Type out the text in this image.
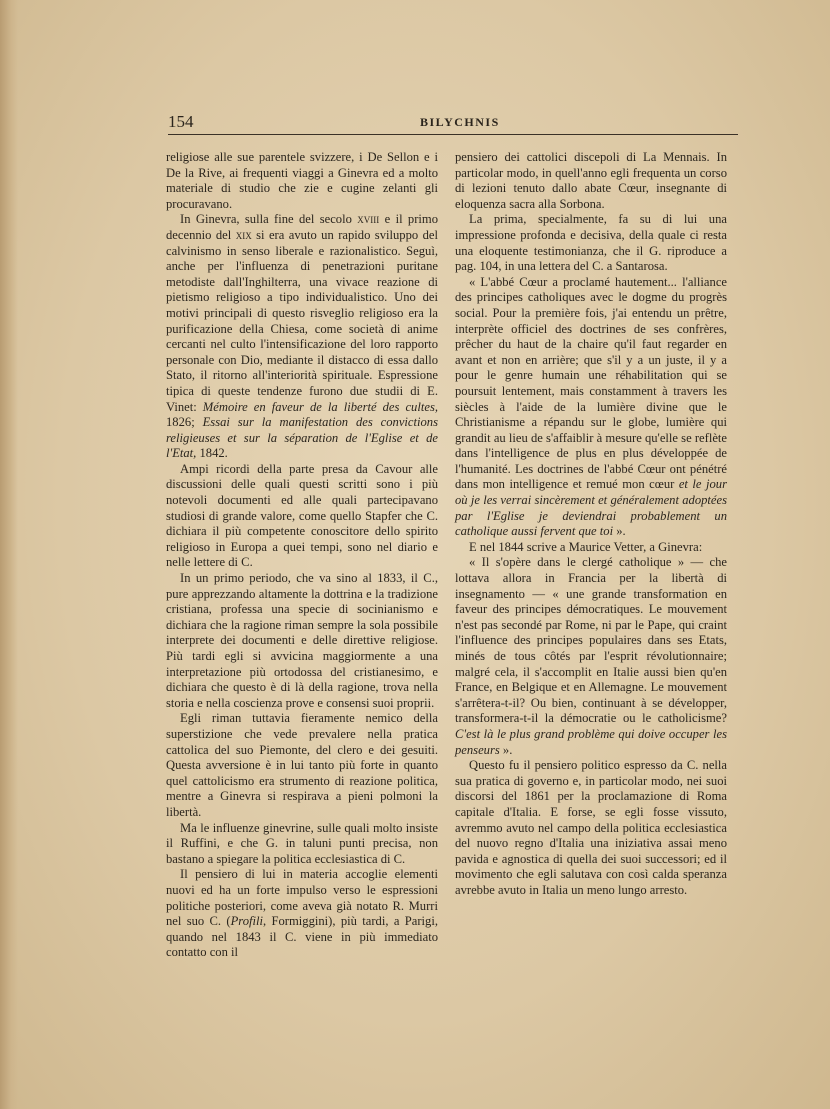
154	BILYCHNIS

religiose alle sue parentele svizzere, i De Sellon e i De la Rive, ai frequenti viaggi a Ginevra ed a molto materiale di studio che zie e cugine zelanti gli procuravano.

In Ginevra, sulla fine del secolo xviii e il primo decennio del xix si era avuto un rapido sviluppo del calvinismo in senso liberale e razionalistico. Seguì, anche per l'influenza di penetrazioni puritane metodiste dall'Inghilterra, una vivace reazione di pietismo religioso a tipo individualistico. Uno dei motivi principali di questo risveglio religioso era la purificazione della Chiesa, come società di anime cercanti nel culto l'intensificazione del loro rapporto personale con Dio, mediante il distacco di essa dallo Stato, il ritorno all'interiorità spirituale. Espressione tipica di queste tendenze furono due studii di E. Vinet: Mémoire en faveur de la liberté des cultes, 1826; Essai sur la manifestation des convictions religieuses et sur la séparation de l'Eglise et de l'Etat, 1842.

Ampi ricordi della parte presa da Cavour alle discussioni delle quali questi scritti sono i più notevoli documenti ed alle quali partecipavano studiosi di grande valore, come quello Stapfer che C. dichiara il più competente conoscitore dello spirito religioso in Europa a quei tempi, sono nel diario e nelle lettere di C.

In un primo periodo, che va sino al 1833, il C., pure apprezzando altamente la dottrina e la tradizione cristiana, professa una specie di socinianismo e dichiara che la ragione riman sempre la sola possibile interprete dei documenti e delle direttive religiose. Più tardi egli si avvicina maggiormente a una interpretazione più ortodossa del cristianesimo, e dichiara che questo è di là della ragione, trova nella storia e nella coscienza prove e consensi suoi proprii.

Egli riman tuttavia fieramente nemico della superstizione che vede prevalere nella pratica cattolica del suo Piemonte, del clero e dei gesuiti. Questa avversione è in lui tanto più forte in quanto quel cattolicismo era strumento di reazione politica, mentre a Ginevra si respirava a pieni polmoni la libertà.

Ma le influenze ginevrine, sulle quali molto insiste il Ruffini, e che G. in taluni punti precisa, non bastano a spiegare la politica ecclesiastica di C.

Il pensiero di lui in materia accoglie elementi nuovi ed ha un forte impulso verso le espressioni politiche posteriori, come aveva già notato R. Murri nel suo C. (Profili, Formiggini), più tardi, a Parigi, quando nel 1843 il C. viene in più immediato contatto con il

pensiero dei cattolici discepoli di La Mennais. In particolar modo, in quell'anno egli frequenta un corso di lezioni tenuto dallo abate Cœur, insegnante di eloquenza sacra alla Sorbona.

La prima, specialmente, fa su di lui una impressione profonda e decisiva, della quale ci resta una eloquente testimonianza, che il G. riproduce a pag. 104, in una lettera del C. a Santarosa.

« L'abbé Cœur a proclamé hautement... l'alliance des principes catholiques avec le dogme du progrès social. Pour la première fois, j'ai entendu un prêtre, interprète officiel des doctrines de ses confrères, prêcher du haut de la chaire qu'il faut regarder en avant et non en arrière; que s'il y a un juste, il y a pour le genre humain une réhabilitation qui se poursuit lentement, mais constamment à travers les siècles à l'aide de la lumière divine que le Christianisme a répandu sur le globe, lumière qui grandit au lieu de s'affaiblir à mesure qu'elle se reflète dans l'intelligence de plus en plus développée de l'humanité. Les doctrines de l'abbé Cœur ont pénétré dans mon intelligence et remué mon cœur et le jour où je les verrai sincèrement et généralement adoptées par l'Eglise je deviendrai probablement un catholique aussi fervent que toi ».

E nel 1844 scrive a Maurice Vetter, a Ginevra:

« Il s'opère dans le clergé catholique » — che lottava allora in Francia per la libertà di insegnamento — « une grande transformation en faveur des principes démocratiques. Le mouvement n'est pas secondé par Rome, ni par le Pape, qui craint l'influence des principes populaires dans ses Etats, minés de tous côtés par l'esprit révolutionnaire; malgré cela, il s'accomplit en Italie aussi bien qu'en France, en Belgique et en Allemagne. Le mouvement s'arrêtera-t-il? Ou bien, continuant à se développer, transformera-t-il la démocratie ou le catholicisme? C'est là le plus grand problème qui doive occuper les penseurs ».

Questo fu il pensiero politico espresso da C. nella sua pratica di governo e, in particolar modo, nei suoi discorsi del 1861 per la proclamazione di Roma capitale d'Italia. E forse, se egli fosse vissuto, avremmo avuto nel campo della politica ecclesiastica del nuovo regno d'Italia una iniziativa assai meno pavida e agnostica di quella dei suoi successori; ed il movimento che egli salutava con così calda speranza avrebbe avuto in Italia un meno lungo arresto.
